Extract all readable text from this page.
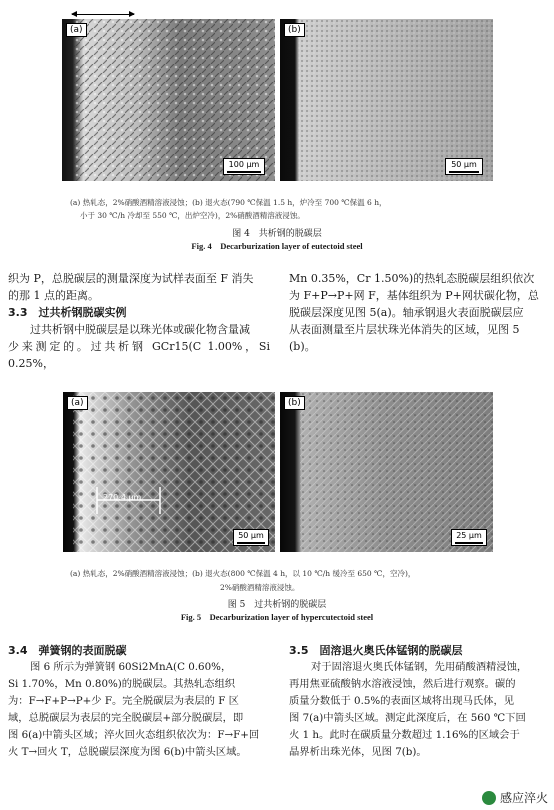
(a)
100 μm
(b)
50 μm
(a) 热轧态，2%硝酸酒精溶液浸蚀；(b) 退火态(790 ℃保温 1.5 h，炉冷至 700 ℃保温 6 h，
小于 30 ℃/h 冷却至 550 ℃，出炉空冷)，2%硝酸酒精溶液浸蚀。
图 4　共析钢的脱碳层
Fig. 4　Decarburization layer of eutectoid steel
织为 P，总脱碳层的测量深度为试样表面至 F 消失
的那 1 点的距离。
3.3　过共析钢脱碳实例
过共析钢中脱碳层是以珠光体或碳化物含量减
少来测定的。过共析钢 GCr15(C 1.00%，Si 0.25%，
Mn 0.35%，Cr 1.50%)的热轧态脱碳层组织依次
为 F+P→P+网 F，基体组织为 P+网状碳化物，总
脱碳层深度见图 5(a)。轴承钢退火表面脱碳层应
从表面测量至片层状珠光体消失的区域，见图 5
(b)。
(a)
270.4 μm
50 μm
(b)
25 μm
(a) 热轧态，2%硝酸酒精溶液浸蚀；(b) 退火态(800 ℃保温 4 h，以 10 ℃/h 缓冷至 650 ℃，空冷)，
2%硝酸酒精溶液浸蚀。
图 5　过共析钢的脱碳层
Fig. 5　Decarburization layer of hypercutectoid steel
3.4　弹簧钢的表面脱碳
图 6 所示为弹簧钢 60Si2MnA(C 0.60%，
Si 1.70%，Mn 0.80%)的脱碳层。其热轧态组织
为：F→F+P→P+少 F。完全脱碳层为表层的 F 区
域，总脱碳层为表层的完全脱碳层+部分脱碳层，即
图 6(a)中箭头区域；淬火回火态组织依次为：F→F+回
火 T→回火 T，总脱碳层深度为图 6(b)中箭头区域。
3.5　固溶退火奥氏体锰钢的脱碳层
对于固溶退火奥氏体锰钢，先用硝酸酒精浸蚀，
再用焦亚硫酸钠水溶液浸蚀，然后进行观察。碳的
质量分数低于 0.5%的表面区域将出现马氏体，见
图 7(a)中箭头区域。测定此深度后，在 560 ℃下回
火 1 h。此时在碳质量分数超过 1.16%的区域会于
晶界析出珠光体，见图 7(b)。
感应淬火
